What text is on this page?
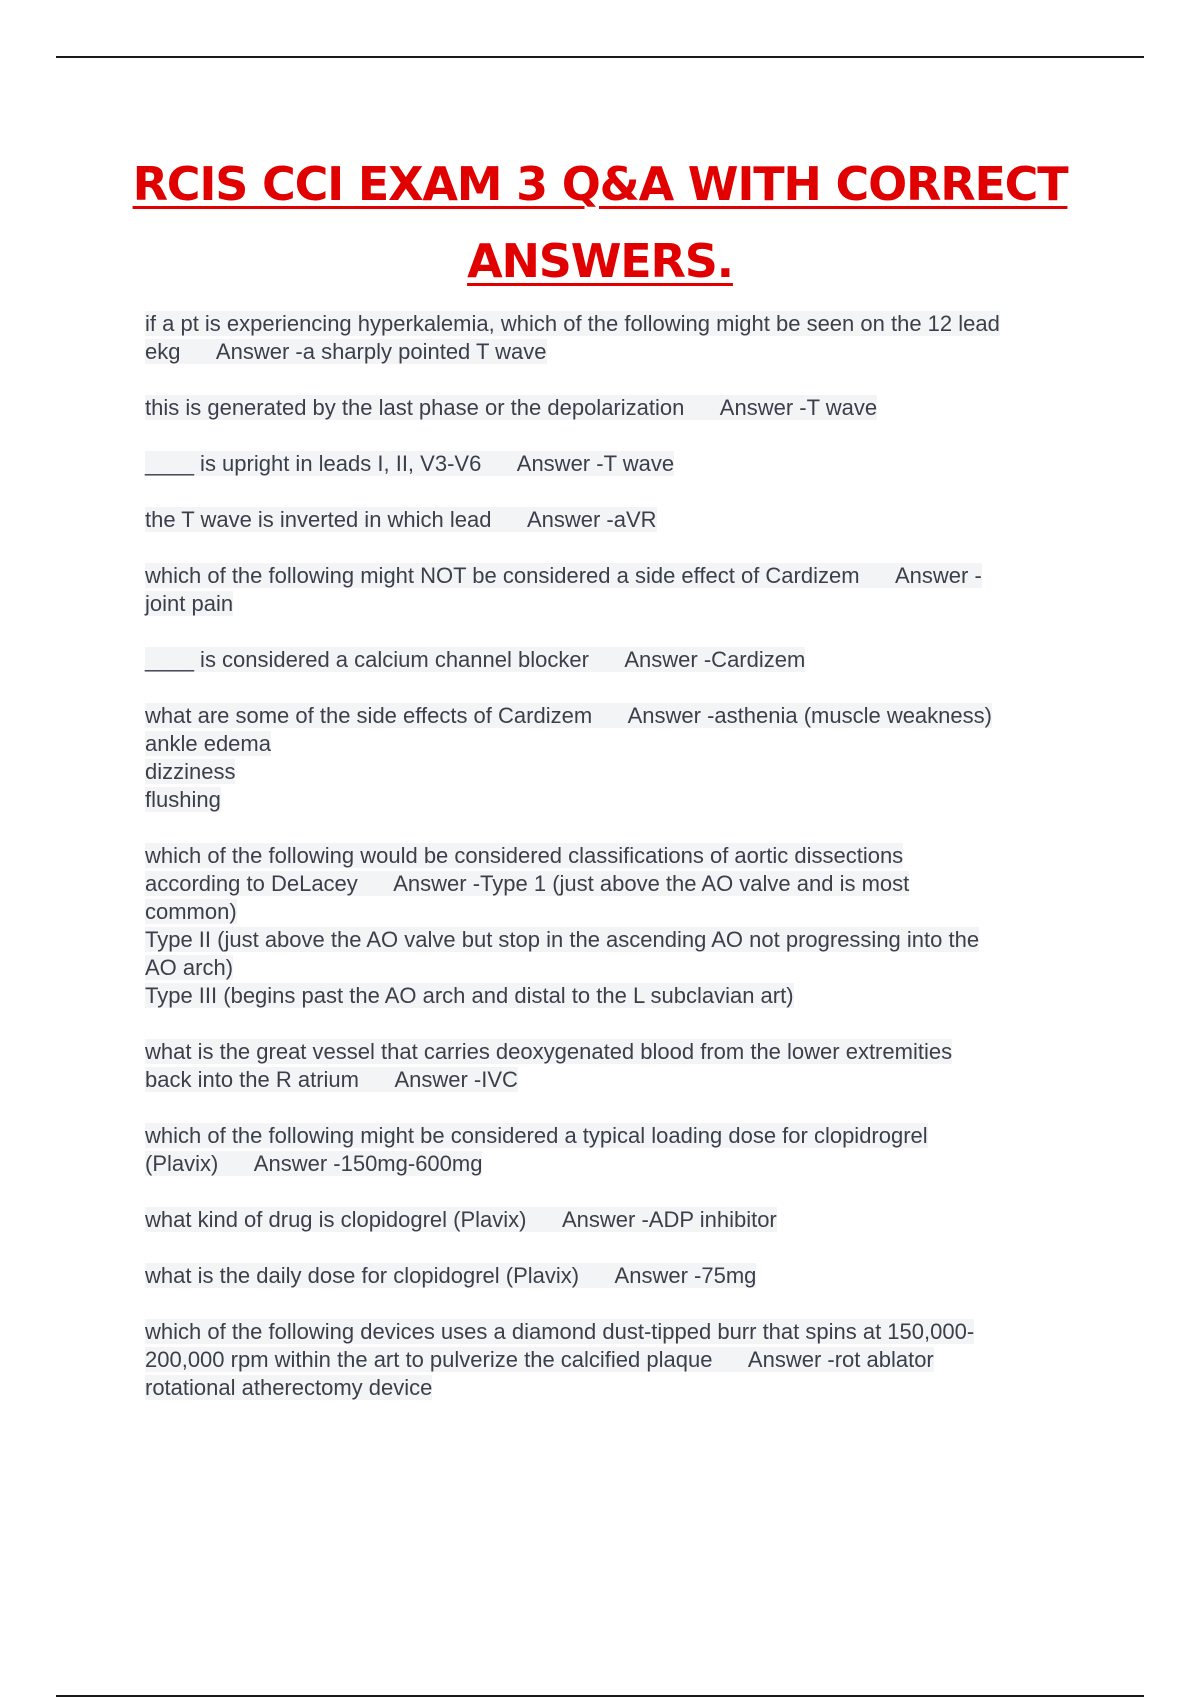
RCIS CCI EXAM 3 Q&A WITH CORRECT
ANSWERS.
if a pt is experiencing hyperkalemia, which of the following might be seen on the 12 lead
ekg      Answer -a sharply pointed T wave
this is generated by the last phase or the depolarization      Answer -T wave
____ is upright in leads I, II, V3-V6      Answer -T wave
the T wave is inverted in which lead      Answer -aVR
which of the following might NOT be considered a side effect of Cardizem      Answer -
joint pain
____ is considered a calcium channel blocker      Answer -Cardizem
what are some of the side effects of Cardizem      Answer -asthenia (muscle weakness)
ankle edema
dizziness
flushing
which of the following would be considered classifications of aortic dissections
according to DeLacey      Answer -Type 1 (just above the AO valve and is most
common)
Type II (just above the AO valve but stop in the ascending AO not progressing into the
AO arch)
Type III (begins past the AO arch and distal to the L subclavian art)
what is the great vessel that carries deoxygenated blood from the lower extremities
back into the R atrium      Answer -IVC
which of the following might be considered a typical loading dose for clopidrogrel
(Plavix)      Answer -150mg-600mg
what kind of drug is clopidogrel (Plavix)      Answer -ADP inhibitor
what is the daily dose for clopidogrel (Plavix)      Answer -75mg
which of the following devices uses a diamond dust-tipped burr that spins at 150,000-
200,000 rpm within the art to pulverize the calcified plaque      Answer -rot ablator
rotational atherectomy device
